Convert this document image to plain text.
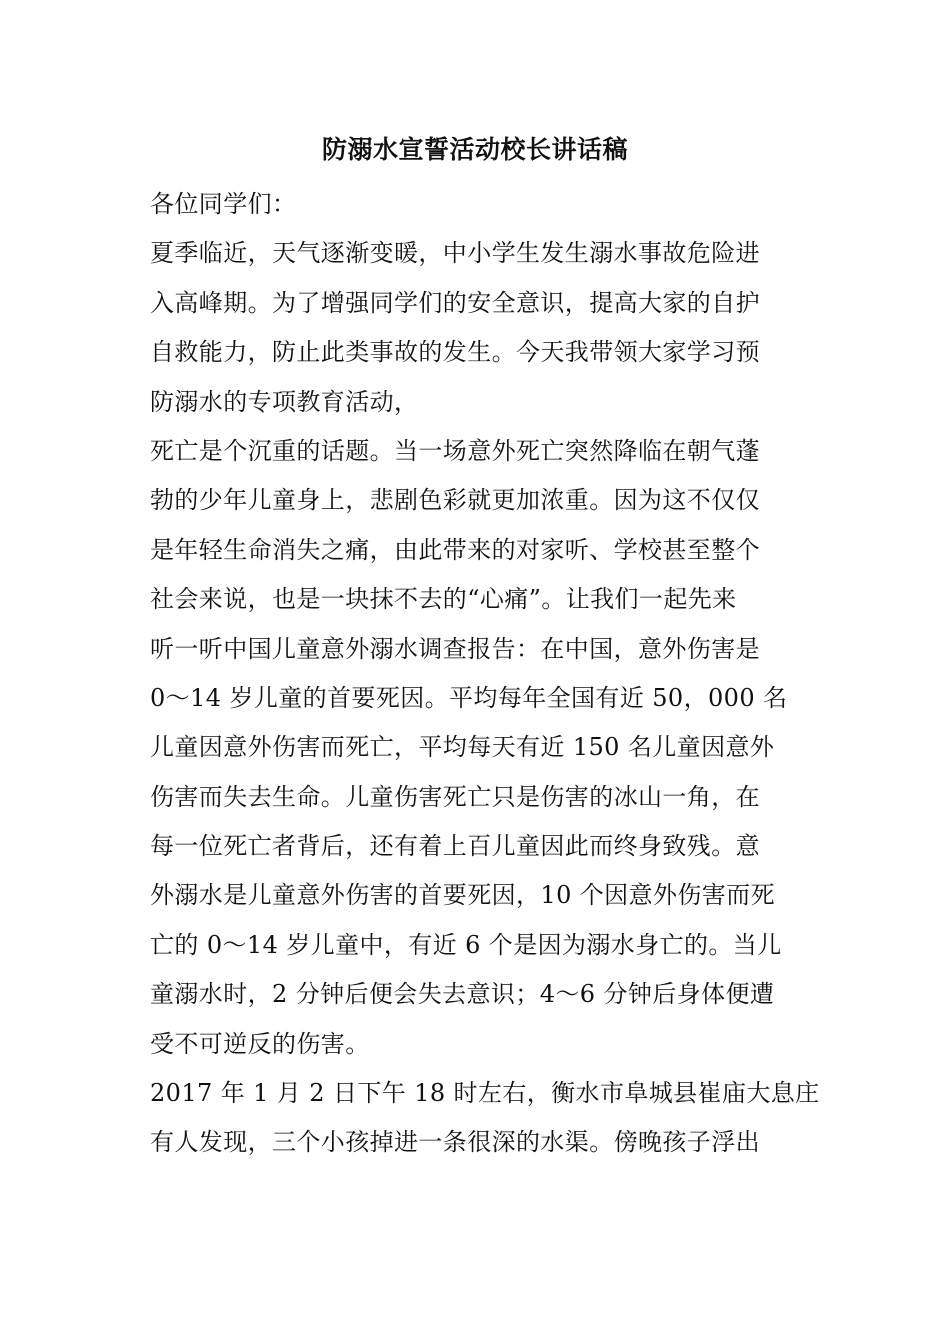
防溺水宣誓活动校长讲话稿
各位同学们：
夏季临近，天气逐渐变暖，中小学生发生溺水事故危险进
入高峰期。为了增强同学们的安全意识，提高大家的自护
自救能力，防止此类事故的发生。今天我带领大家学习预
防溺水的专项教育活动，
死亡是个沉重的话题。当一场意外死亡突然降临在朝气蓬
勃的少年儿童身上，悲剧色彩就更加浓重。因为这不仅仅
是年轻生命消失之痛，由此带来的对家听、学校甚至整个
社会来说，也是一块抹不去的“心痛”。让我们一起先来
听一听中国儿童意外溺水调查报告：在中国，意外伤害是
0～14 岁儿童的首要死因。平均每年全国有近 50，000 名
儿童因意外伤害而死亡，平均每天有近 150 名儿童因意外
伤害而失去生命。儿童伤害死亡只是伤害的冰山一角，在
每一位死亡者背后，还有着上百儿童因此而终身致残。意
外溺水是儿童意外伤害的首要死因，10 个因意外伤害而死
亡的 0～14 岁儿童中，有近 6 个是因为溺水身亡的。当儿
童溺水时，2 分钟后便会失去意识；4～6 分钟后身体便遭
受不可逆反的伤害。
2017 年 1 月 2 日下午 18 时左右，衡水市阜城县崔庙大息庄
有人发现，三个小孩掉进一条很深的水渠。傍晚孩子浮出
